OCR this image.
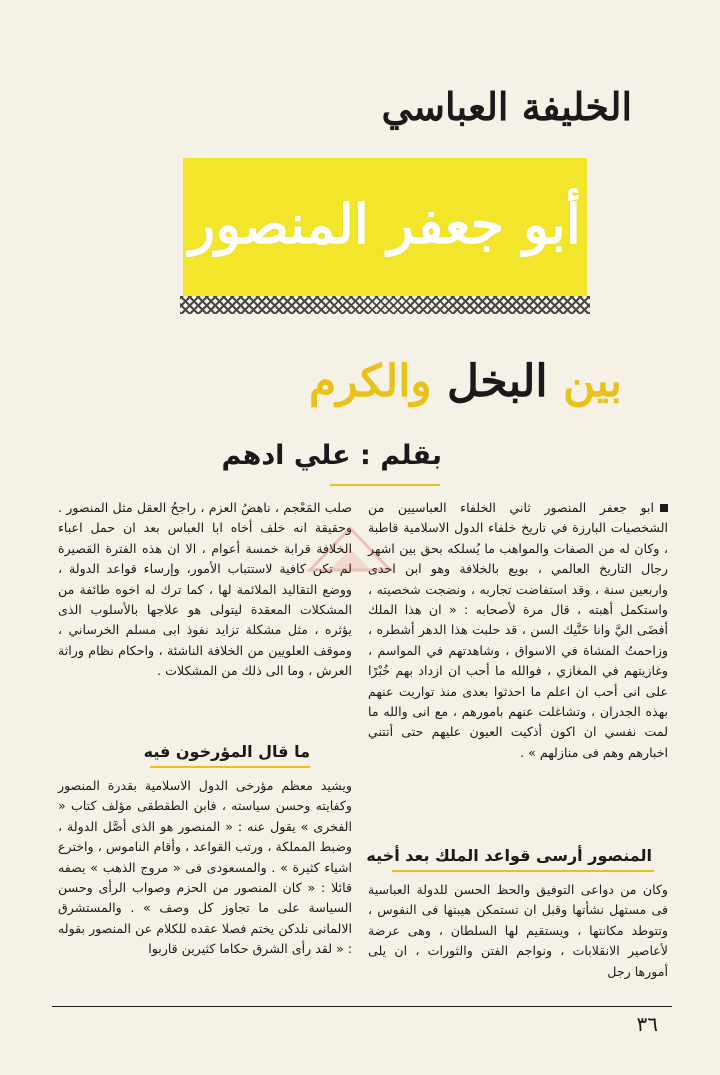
الخليفة العباسي
أبو جعفر المنصور
بين البخل والكرم
بقلم : علي ادهم

ابو جعفر المنصور ثاني الخلفاء العباسيين من الشخصيات البارزة في تاريخ خلفاء الدول الاسلامية قاطبة ، وكان له من الصفات والمواهب ما يُسلكه بحق بين اشهر رجال التاريخ العالمي ، بويع بالخلافة وهو ابن احدى واربعين سنة ، وقد استفاضت تجاربه ، ونضجت شخصيته ، واستكمل أهبته ، قال مرة لأصحابه : « ان هذا الملك أفضَى اليَّ وانا حَنَّيك السن ، قد حلبت هذا الدهر أشطره ، وزاحمتُ المشاة في الاسواق ، وشاهدتهم في المواسم ، وغازيتهم في المغازي ، فوالله ما أحب ان ازداد بهم خُبْرًا على انى أحب ان اعلم ما احدثوا بعدى منذ تواريت عنهم بهذه الجدران ، وتشاغلت عنهم بامورهم ، مع انى والله ما لمت نفسي ان اكون أذكيت العيون عليهم حتى أتتني اخبارهم وهم فى منازلهم » .

صلب المَعْجم ، ناهضُ العزم ، راجحُ العقل مثل المنصور . وحقيقة انه خلف أخاه ابا العباس بعد ان حمل اعباء الخلافة قرابة خمسة أعوام ، الا ان هذه الفترة القصيرة لم تكن كافية لاستتباب الأمور، وإرساء قواعد الدولة ، ووضع التقاليد الملائمة لها ، كما ترك له اخوه طائفة من المشكلات المعقدة ليتولى هو علاجها بالأسلوب الذى يؤثره ، مثل مشكلة تزايد نفوذ ابى مسلم الخرساني ، وموقف العلويين من الخلافة الناشئة ، واحكام نظام وراثة العرش ، وما الى ذلك من المشكلات .

ما قال المؤرخون فيه

ويشيد معظم مؤرخى الدول الاسلامية بقدرة المنصور وكفايته وحسن سياسته ، فابن الطقطقى مؤلف كتاب « الفخرى » يقول عنه : « المنصور هو الذى أصَّل الدولة ، وضبط المملكة ، ورتب القواعد ، وأقام الناموس ، واخترع اشياء كثيرة » . والمسعودى فى « مروج الذهب » يصفه قائلا : « كان المنصور من الحزم وصواب الرأى وحسن السياسة على ما تجاوز كل وصف » . والمستشرق الالمانى نلدكن يختم فصلا عقده للكلام عن المنصور بقوله : « لقد رأى الشرق حكاما كثيرين قاربوا

المنصور أرسى قواعد الملك بعد أخيه

وكان من دواعى التوفيق والحظ الحسن للدولة العباسية فى مستهل نشأتها وقبل ان تستمكن هيبتها فى النفوس ، وتتوطد مكانتها ، ويستقيم لها السلطان ، وهى عرضة لأعاصير الانقلابات ، ونواجم الفتن والثورات ، ان يلى أمورها رجل

٣٦
